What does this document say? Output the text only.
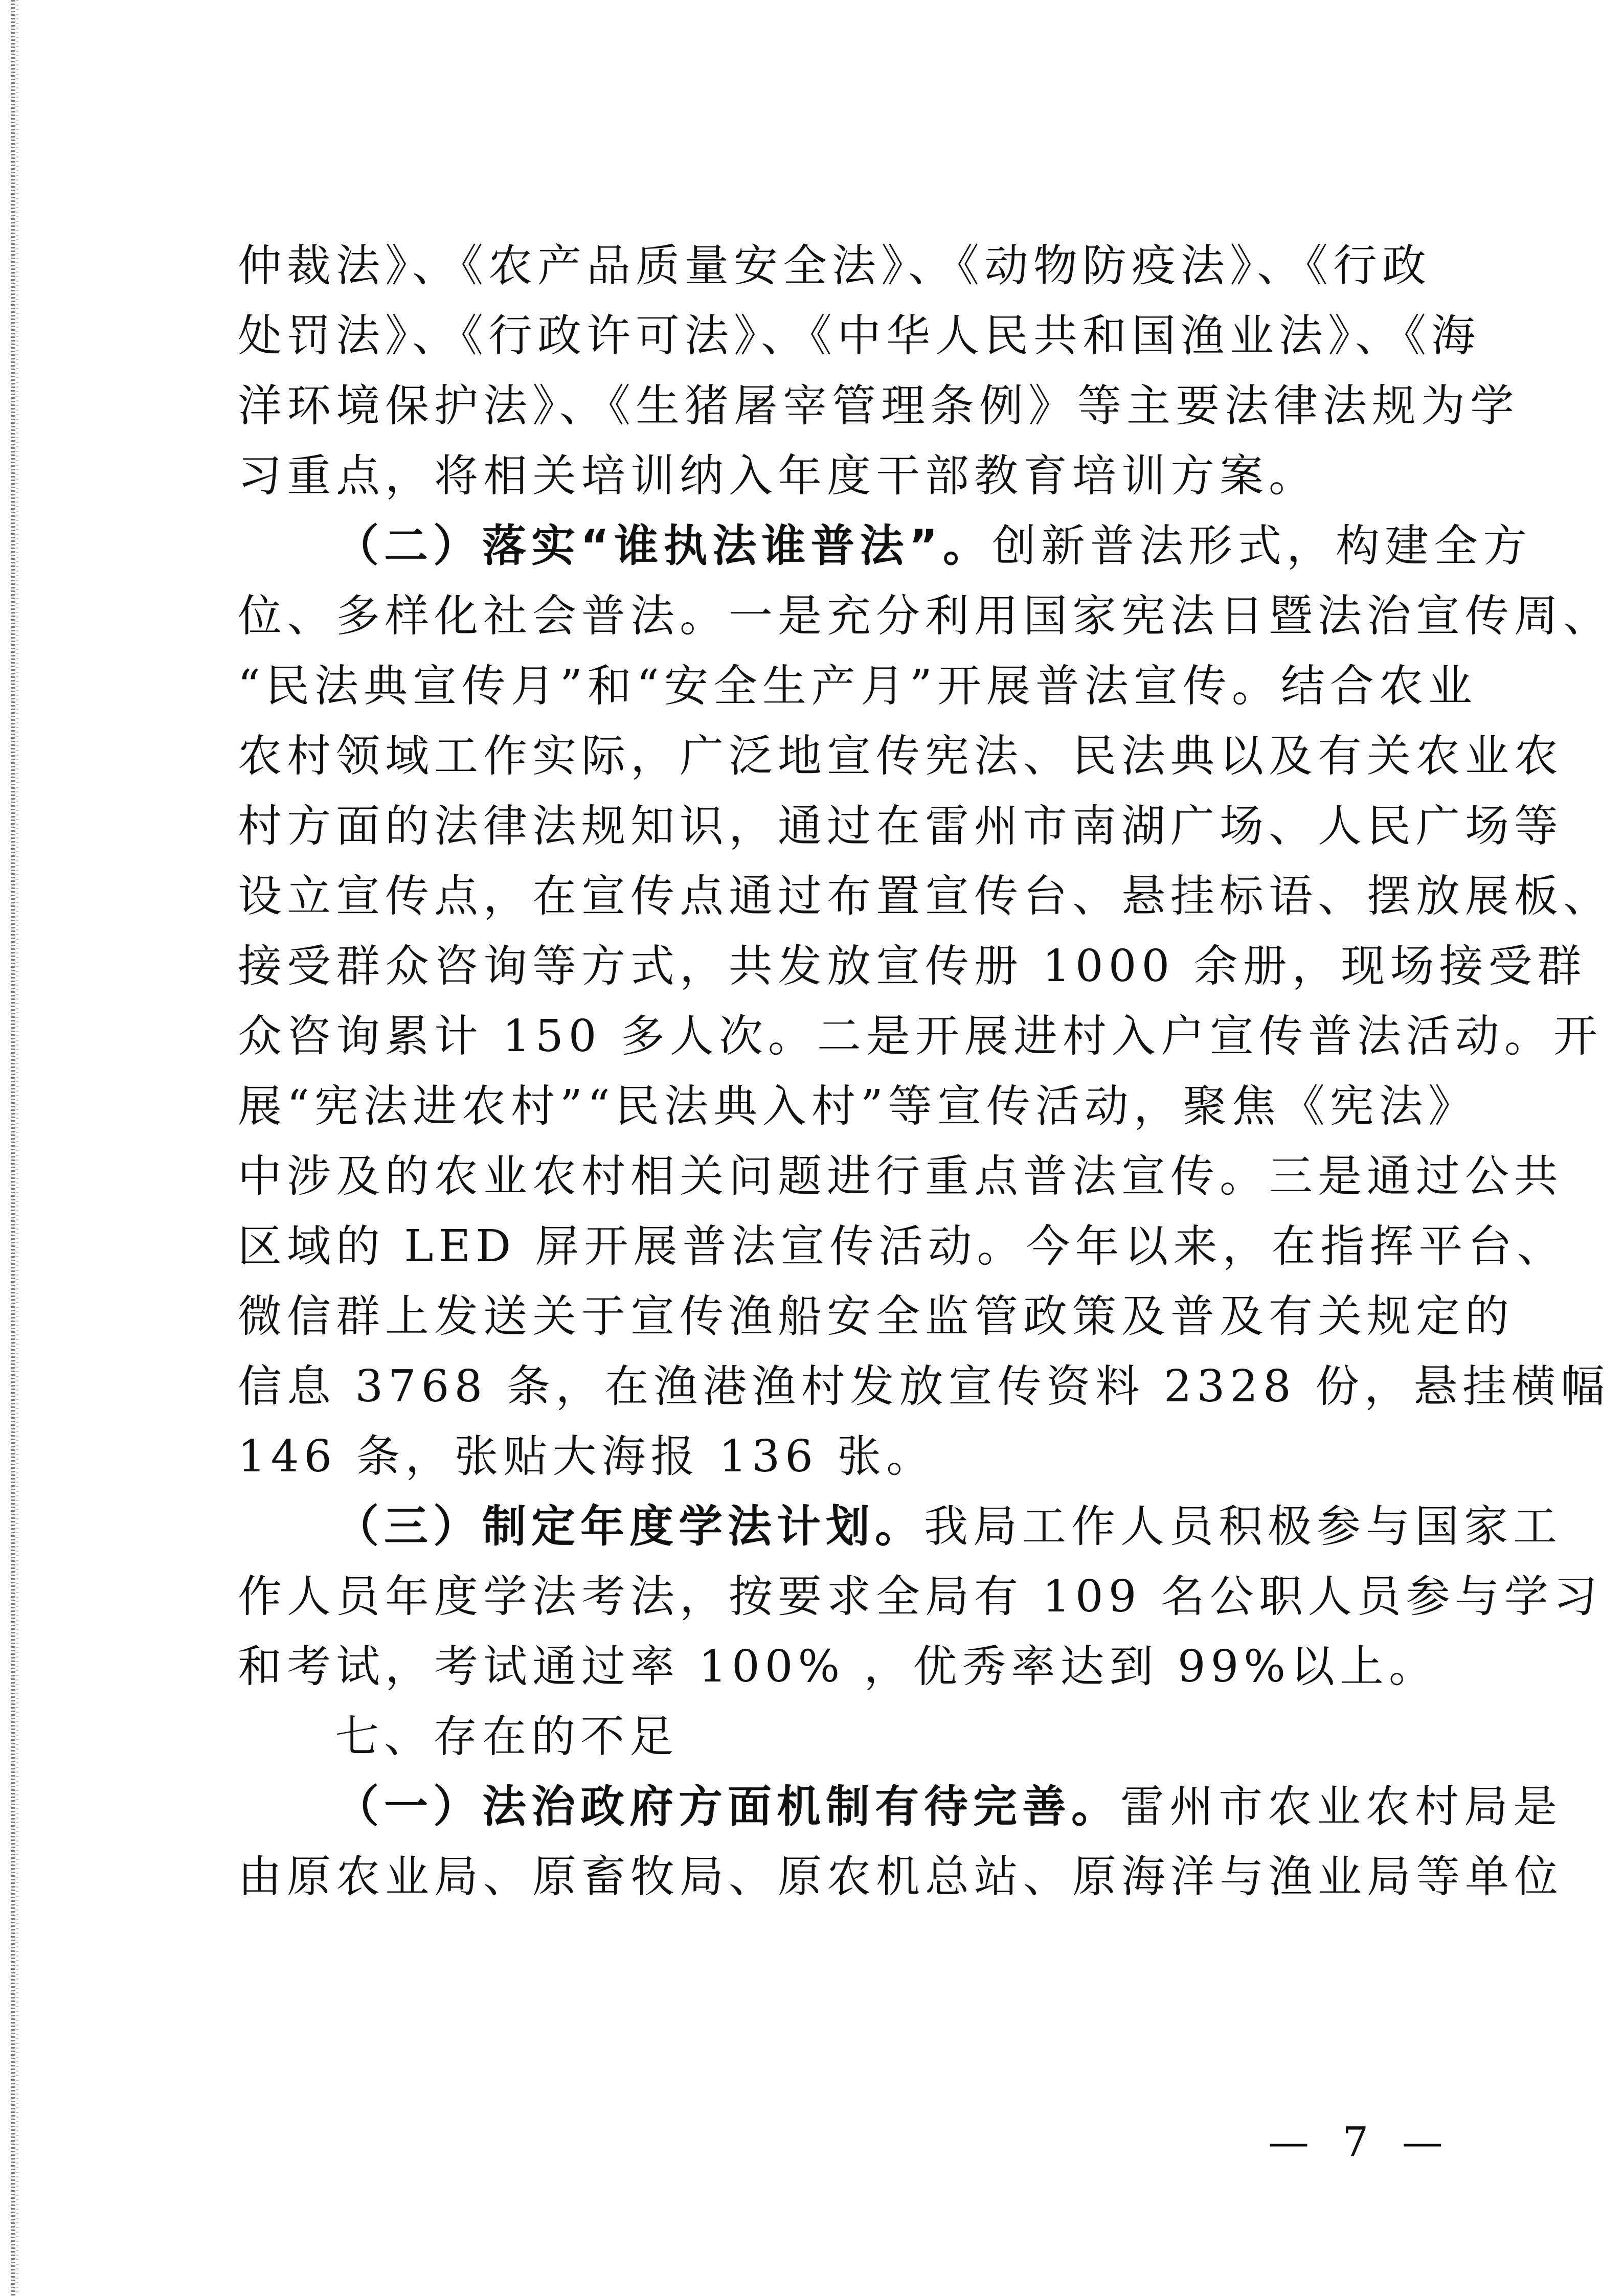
仲裁法》、《农产品质量安全法》、《动物防疫法》、《行政
处罚法》、《行政许可法》、《中华人民共和国渔业法》、《海
洋环境保护法》、《生猪屠宰管理条例》等主要法律法规为学
习重点，将相关培训纳入年度干部教育培训方案。
（二）落实“谁执法谁普法”。创新普法形式，构建全方
位、多样化社会普法。一是充分利用国家宪法日暨法治宣传周、
“民法典宣传月”和“安全生产月”开展普法宣传。结合农业
农村领域工作实际，广泛地宣传宪法、民法典以及有关农业农
村方面的法律法规知识，通过在雷州市南湖广场、人民广场等
设立宣传点，在宣传点通过布置宣传台、悬挂标语、摆放展板、
接受群众咨询等方式，共发放宣传册 1000 余册，现场接受群
众咨询累计 150 多人次。二是开展进村入户宣传普法活动。开
展“宪法进农村”“民法典入村”等宣传活动，聚焦《宪法》
中涉及的农业农村相关问题进行重点普法宣传。三是通过公共
区域的 LED 屏开展普法宣传活动。今年以来，在指挥平台、
微信群上发送关于宣传渔船安全监管政策及普及有关规定的
信息 3768 条，在渔港渔村发放宣传资料 2328 份，悬挂横幅
146 条，张贴大海报 136 张。
（三）制定年度学法计划。我局工作人员积极参与国家工
作人员年度学法考法，按要求全局有 109 名公职人员参与学习
和考试，考试通过率 100% ，优秀率达到 99%以上。
七、存在的不足
（一）法治政府方面机制有待完善。雷州市农业农村局是
由原农业局、原畜牧局、原农机总站、原海洋与渔业局等单位
— 7 —
